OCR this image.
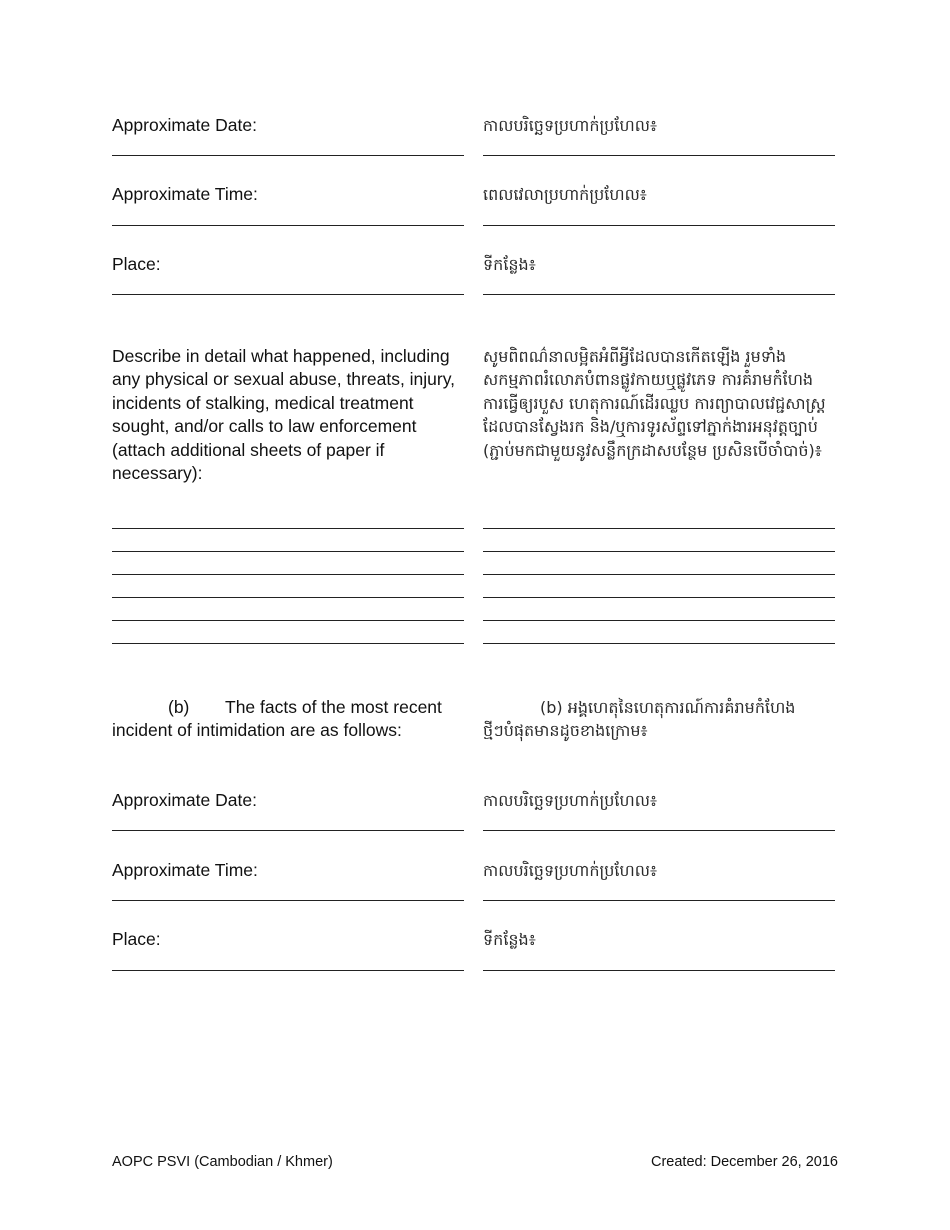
Approximate Date:	កាលបរិច្ឆេទប្រហាក់ប្រហែល៖
Approximate Time:	ពេលវេលាប្រហាក់ប្រហែល៖
Place:	ទីកន្លែង៖
Describe in detail what happened, including any physical or sexual abuse, threats, injury, incidents of stalking, medical treatment sought, and/or calls to law enforcement (attach additional sheets of paper if necessary):
សូមពិពណ៌នាលម្អិតអំពីអ្វីដែលបានកើតឡើង រួមទាំងសកម្មភាពរំលោភបំពានផ្លូវកាយឬផ្លូវភេទ ការគំរាមកំហែង ការធ្វើឲ្យរបួស ហេតុការណ៍ដើរឈ្លប ការព្យាបាលវេជ្ជសាស្ត្រដែលបានស្វែងរក និង/ឬការទូរស័ព្ទទៅភ្នាក់ងារអនុវត្តច្បាប់ (ភ្ជាប់មកជាមួយនូវសន្លឹកក្រដាសបន្ថែម ប្រសិនបើចាំបាច់)៖
(b) The facts of the most recent
incident of intimidation are as follows:
(b) អង្គហេតុនៃហេតុការណ៍ការគំរាមកំហែង
ថ្មីៗបំផុតមានដូចខាងក្រោម៖
Approximate Date:	កាលបរិច្ឆេទប្រហាក់ប្រហែល៖
Approximate Time:	កាលបរិច្ឆេទប្រហាក់ប្រហែល៖
Place:	ទីកន្លែង៖
AOPC PSVI (Cambodian / Khmer)	Created: December 26, 2016
